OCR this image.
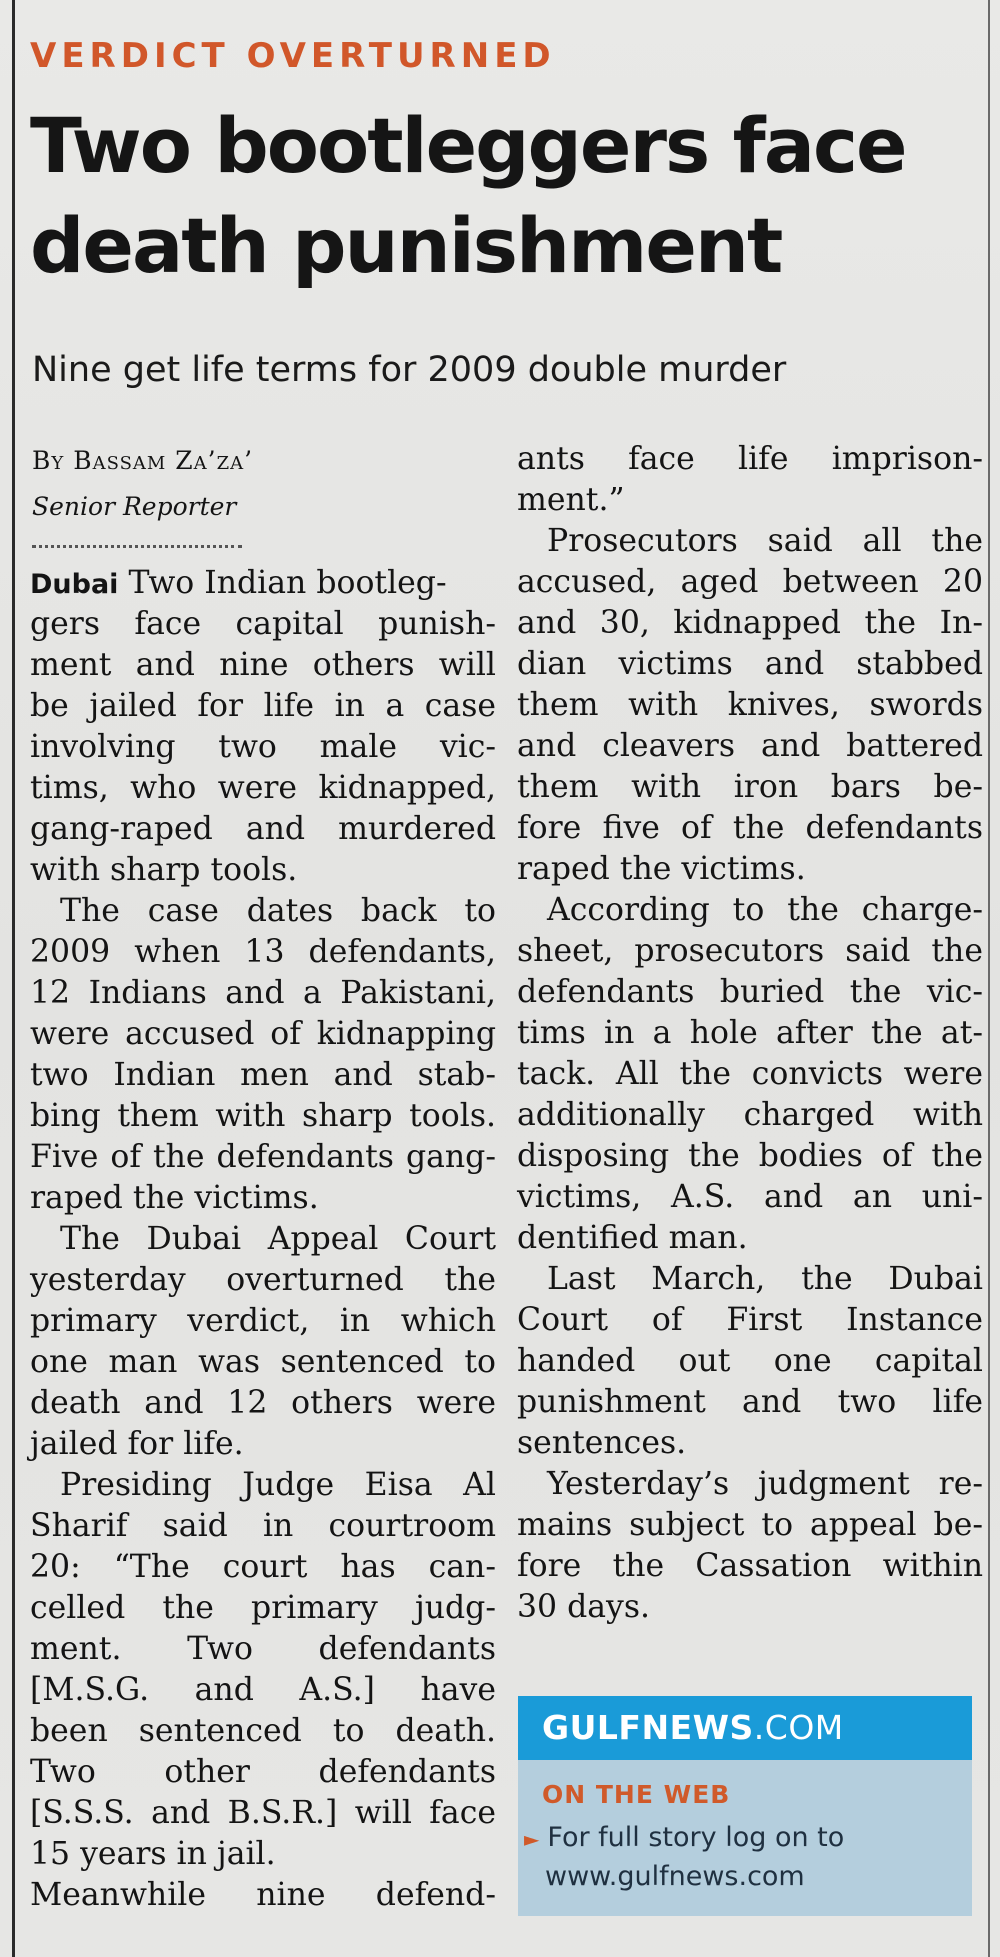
VERDICT OVERTURNED
Two bootleggers face
death punishment
Nine get life terms for 2009 double murder
By Bassam Za’za’
Senior Reporter
Dubai Two Indian bootleg-
gers face capital punish-
ment and nine others will
be jailed for life in a case
involving two male vic-
tims, who were kidnapped,
gang-raped and murdered
with sharp tools.
The case dates back to
2009 when 13 defendants,
12 Indians and a Pakistani,
were accused of kidnapping
two Indian men and stab-
bing them with sharp tools.
Five of the defendants gang-
raped the victims.
The Dubai Appeal Court
yesterday overturned the
primary verdict, in which
one man was sentenced to
death and 12 others were
jailed for life.
Presiding Judge Eisa Al
Sharif said in courtroom
20: “The court has can-
celled the primary judg-
ment. Two defendants
[M.S.G. and A.S.] have
been sentenced to death.
Two other defendants
[S.S.S. and B.S.R.] will face
15 years in jail.
Meanwhile nine defend-
ants face life imprison-
ment.”
Prosecutors said all the
accused, aged between 20
and 30, kidnapped the In-
dian victims and stabbed
them with knives, swords
and cleavers and battered
them with iron bars be-
fore five of the defendants
raped the victims.
According to the charge-
sheet, prosecutors said the
defendants buried the vic-
tims in a hole after the at-
tack. All the convicts were
additionally charged with
disposing the bodies of the
victims, A.S. and an uni-
dentified man.
Last March, the Dubai
Court of First Instance
handed out one capital
punishment and two life
sentences.
Yesterday’s judgment re-
mains subject to appeal be-
fore the Cassation within
30 days.
GULFNEWS.COM
ON THE WEB
► For full story log on to
www.gulfnews.com
